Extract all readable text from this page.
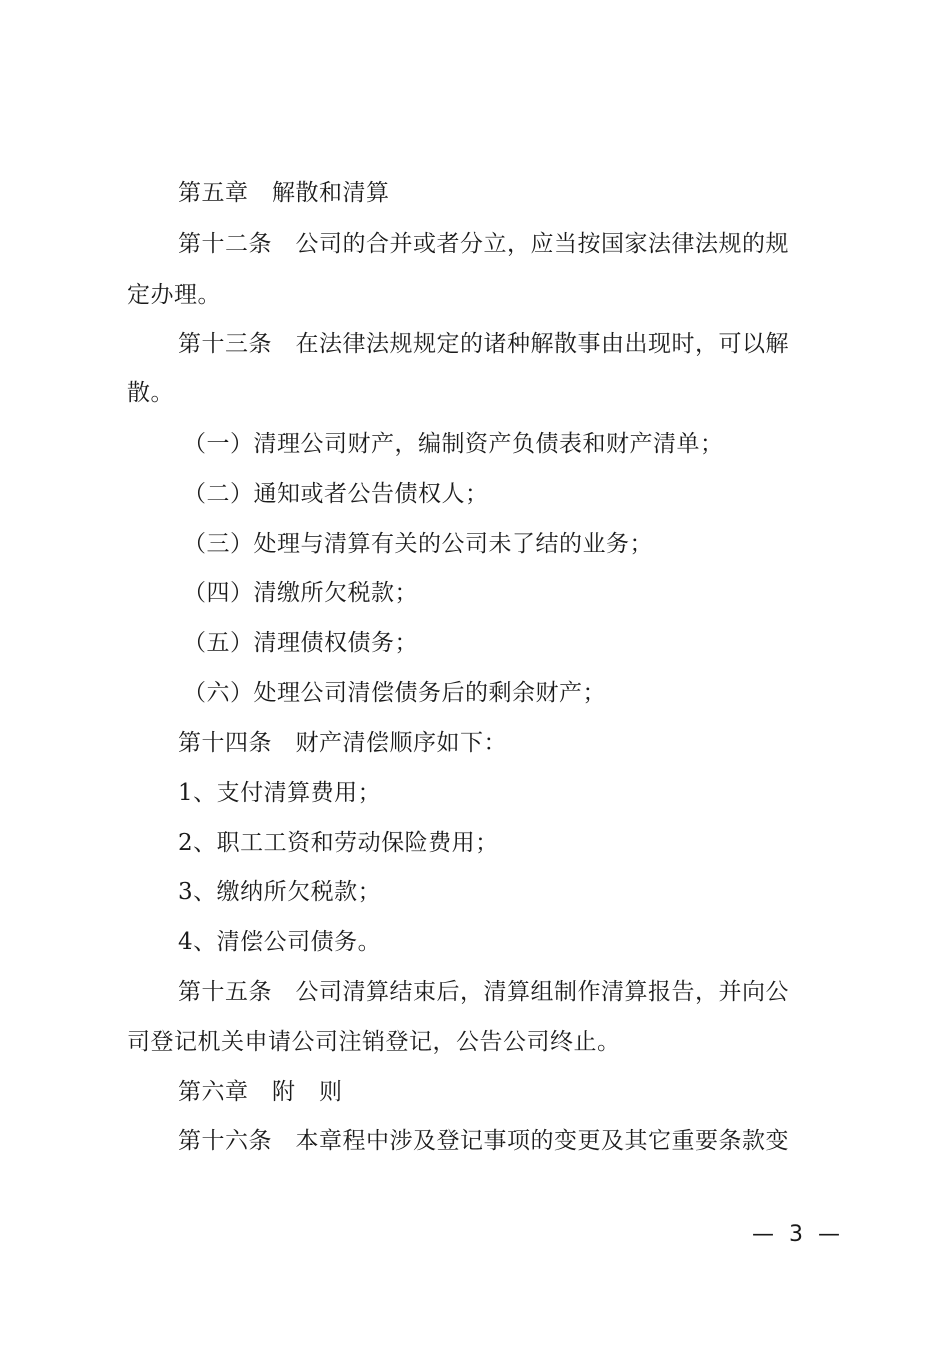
第五章　解散和清算
第十二条　公司的合并或者分立，应当按国家法律法规的规
定办理。
第十三条　在法律法规规定的诸种解散事由出现时，可以解
散。
（一）清理公司财产，编制资产负债表和财产清单；
（二）通知或者公告债权人；
（三）处理与清算有关的公司未了结的业务；
（四）清缴所欠税款；
（五）清理债权债务；
（六）处理公司清偿债务后的剩余财产；
第十四条　财产清偿顺序如下：
1、支付清算费用；
2、职工工资和劳动保险费用；
3、缴纳所欠税款；
4、清偿公司债务。
第十五条　公司清算结束后，清算组制作清算报告，并向公
司登记机关申请公司注销登记，公告公司终止。
第六章　附　则
第十六条　本章程中涉及登记事项的变更及其它重要条款变
— 3 —
